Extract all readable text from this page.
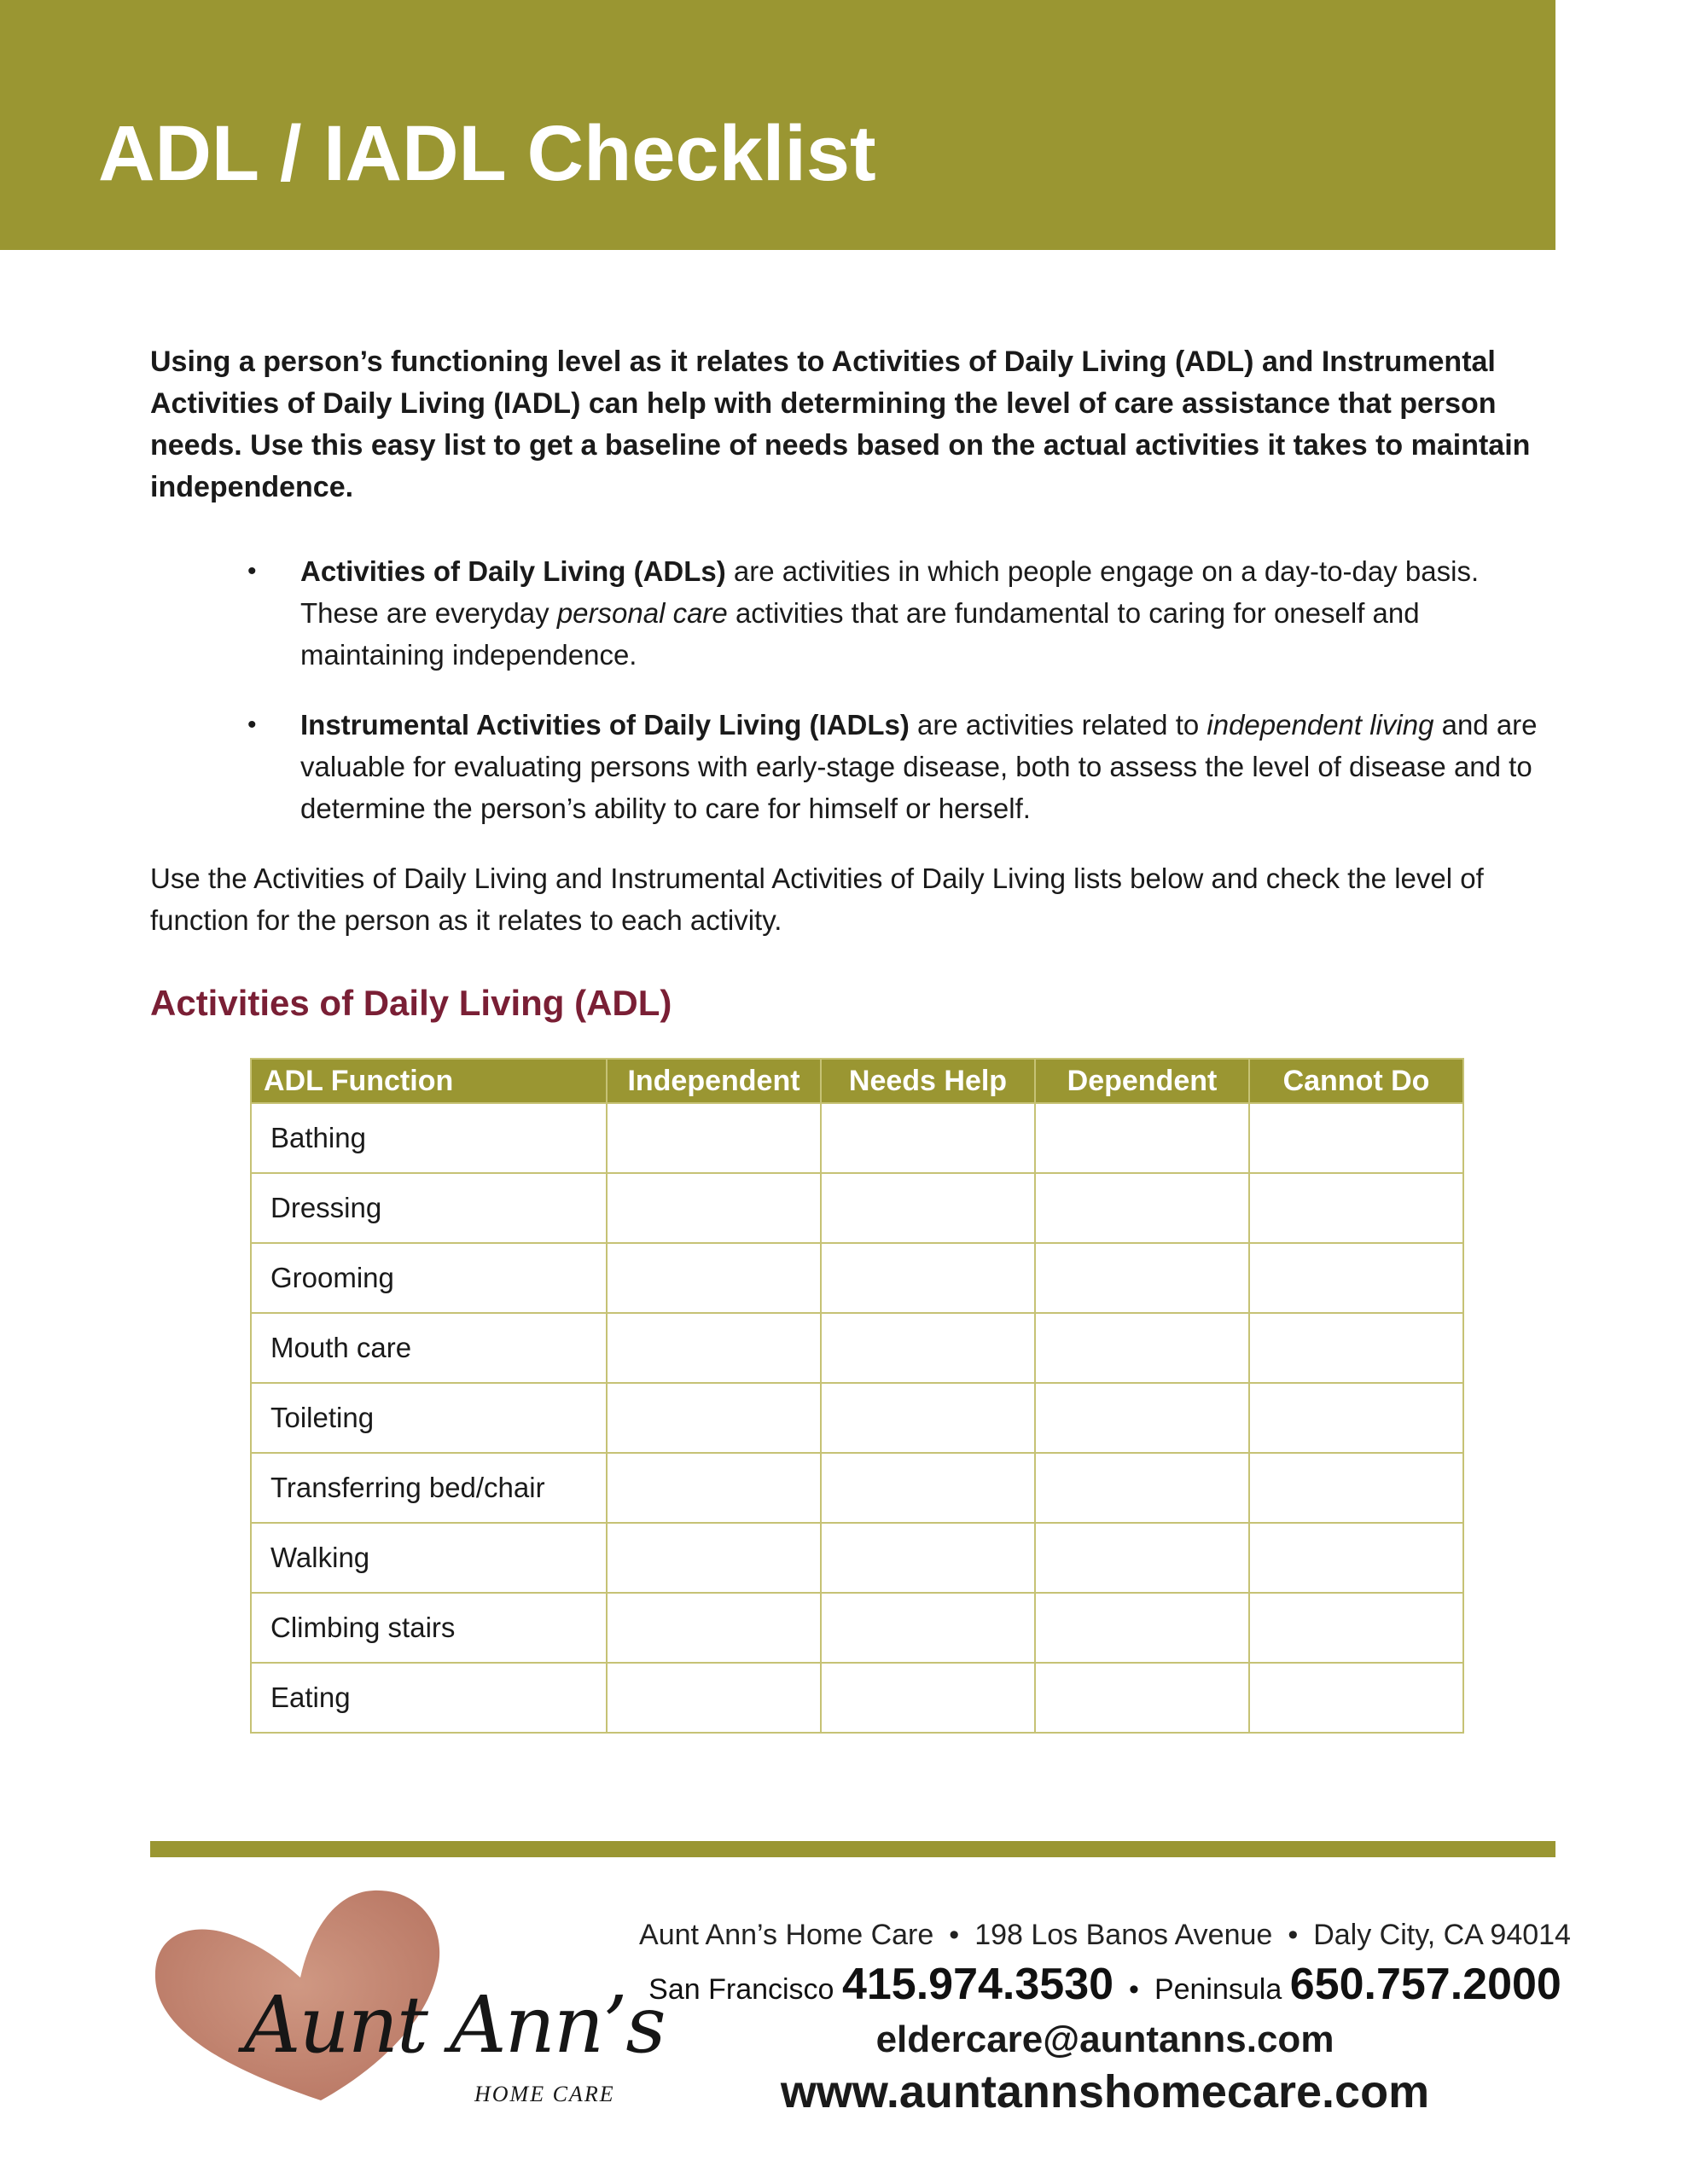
ADL / IADL Checklist

Using a person’s functioning level as it relates to Activities of Daily Living (ADL) and Instrumental Activities of Daily Living (IADL) can help with determining the level of care assistance that person needs. Use this easy list to get a baseline of needs based on the actual activities it takes to maintain independence.

• Activities of Daily Living (ADLs) are activities in which people engage on a day-to-day basis. These are everyday personal care activities that are fundamental to caring for oneself and maintaining independence.
• Instrumental Activities of Daily Living (IADLs) are activities related to independent living and are valuable for evaluating persons with early-stage disease, both to assess the level of disease and to determine the person’s ability to care for himself or herself.

Use the Activities of Daily Living and Instrumental Activities of Daily Living lists below and check the level of function for the person as it relates to each activity.

Activities of Daily Living (ADL)
ADL Function	Independent	Needs Help	Dependent	Cannot Do
Bathing				
Dressing				
Grooming				
Mouth care				
Toileting				
Transferring bed/chair				
Walking				
Climbing stairs				
Eating				
Aunt Ann’s
HOME CARE
Aunt Ann’s Home Care • 198 Los Banos Avenue • Daly City, CA 94014
San Francisco 415.974.3530 • Peninsula 650.757.2000
eldercare@auntanns.com
www.auntannshomecare.com
